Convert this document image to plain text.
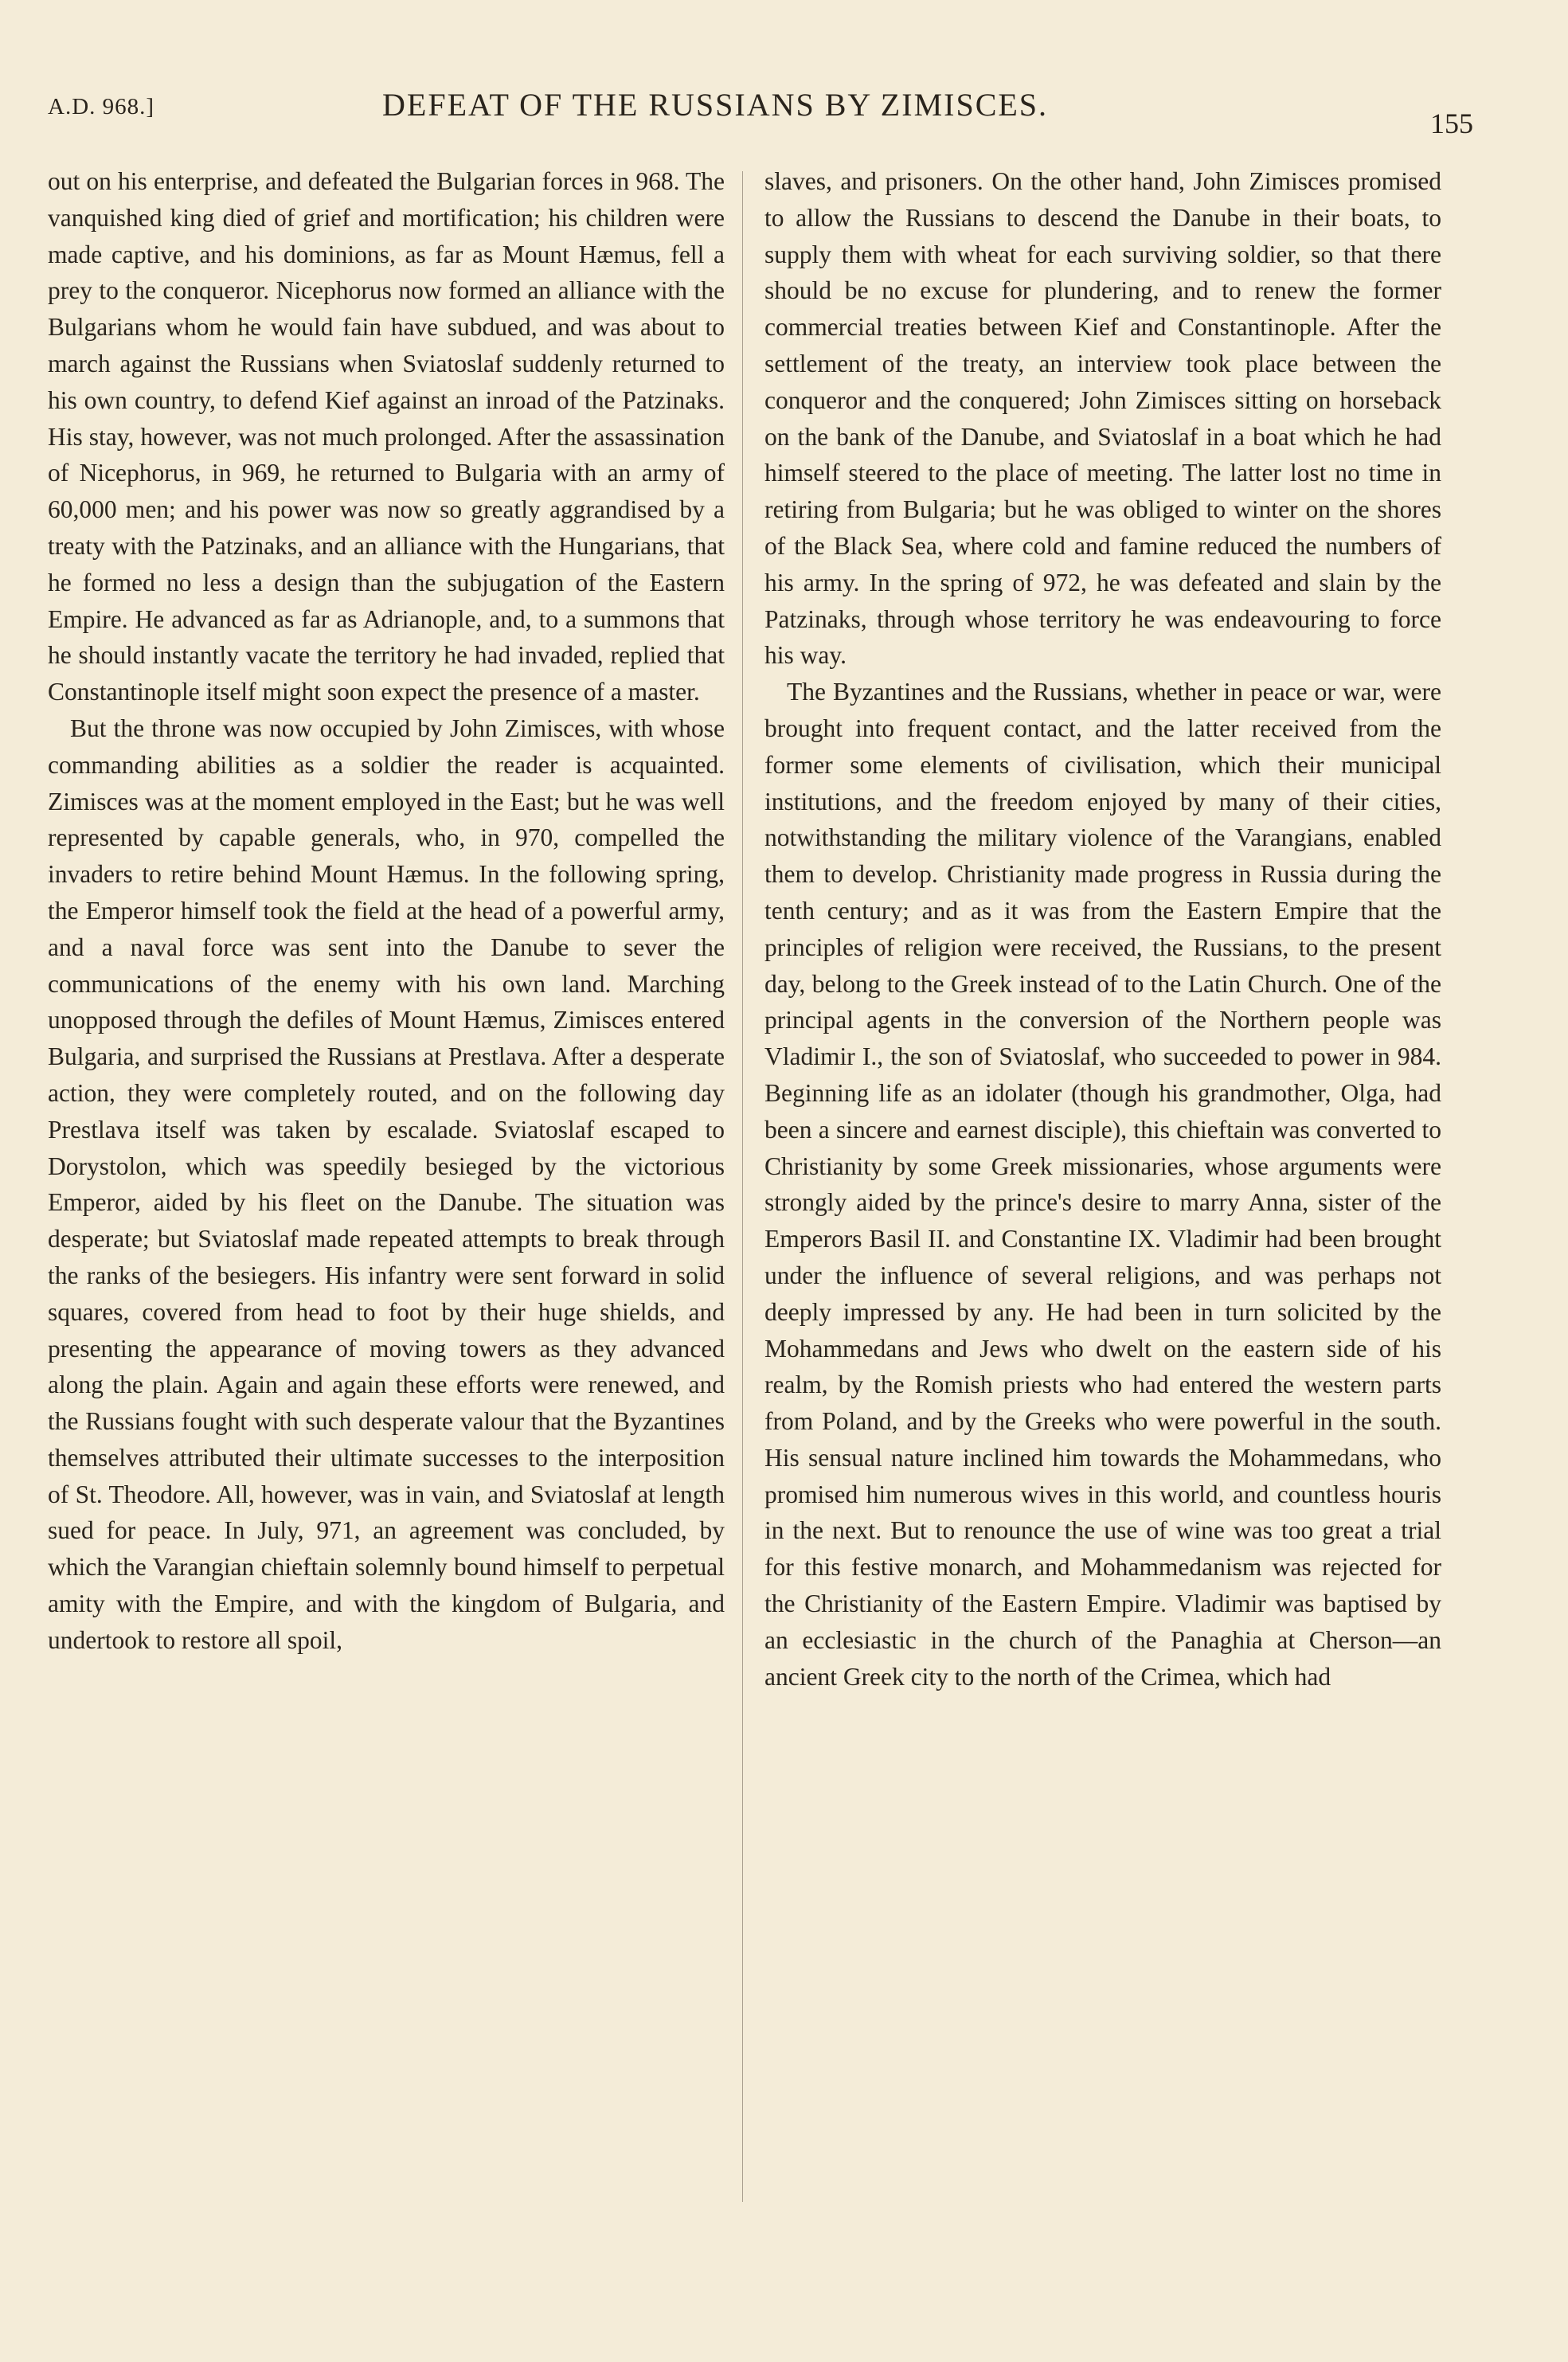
A.D. 968.]	DEFEAT OF THE RUSSIANS BY ZIMISCES.
155

out on his enterprise, and defeated the Bulgarian forces in 968. The vanquished king died of grief and mortification; his children were made captive, and his dominions, as far as Mount Hæmus, fell a prey to the conqueror. Nicephorus now formed an alliance with the Bulgarians whom he would fain have subdued, and was about to march against the Russians when Sviatoslaf suddenly returned to his own country, to defend Kief against an inroad of the Patzinaks. His stay, however, was not much prolonged. After the assassination of Nicephorus, in 969, he returned to Bulgaria with an army of 60,000 men; and his power was now so greatly aggrandised by a treaty with the Patzinaks, and an alliance with the Hungarians, that he formed no less a design than the subjugation of the Eastern Empire. He advanced as far as Adrianople, and, to a summons that he should instantly vacate the territory he had invaded, replied that Constantinople itself might soon expect the presence of a master.

But the throne was now occupied by John Zimisces, with whose commanding abilities as a soldier the reader is acquainted. Zimisces was at the moment employed in the East; but he was well represented by capable generals, who, in 970, compelled the invaders to retire behind Mount Hæmus. In the following spring, the Emperor himself took the field at the head of a powerful army, and a naval force was sent into the Danube to sever the communications of the enemy with his own land. Marching unopposed through the defiles of Mount Hæmus, Zimisces entered Bulgaria, and surprised the Russians at Prestlava. After a desperate action, they were completely routed, and on the following day Prestlava itself was taken by escalade. Sviatoslaf escaped to Dorystolon, which was speedily besieged by the victorious Emperor, aided by his fleet on the Danube. The situation was desperate; but Sviatoslaf made repeated attempts to break through the ranks of the besiegers. His infantry were sent forward in solid squares, covered from head to foot by their huge shields, and presenting the appearance of moving towers as they advanced along the plain. Again and again these efforts were renewed, and the Russians fought with such desperate valour that the Byzantines themselves attributed their ultimate successes to the interposition of St. Theodore. All, however, was in vain, and Sviatoslaf at length sued for peace. In July, 971, an agreement was concluded, by which the Varangian chieftain solemnly bound himself to perpetual amity with the Empire, and with the kingdom of Bulgaria, and undertook to restore all spoil,

slaves, and prisoners. On the other hand, John Zimisces promised to allow the Russians to descend the Danube in their boats, to supply them with wheat for each surviving soldier, so that there should be no excuse for plundering, and to renew the former commercial treaties between Kief and Constantinople. After the settlement of the treaty, an interview took place between the conqueror and the conquered; John Zimisces sitting on horseback on the bank of the Danube, and Sviatoslaf in a boat which he had himself steered to the place of meeting. The latter lost no time in retiring from Bulgaria; but he was obliged to winter on the shores of the Black Sea, where cold and famine reduced the numbers of his army. In the spring of 972, he was defeated and slain by the Patzinaks, through whose territory he was endeavouring to force his way.

The Byzantines and the Russians, whether in peace or war, were brought into frequent contact, and the latter received from the former some elements of civilisation, which their municipal institutions, and the freedom enjoyed by many of their cities, notwithstanding the military violence of the Varangians, enabled them to develop. Christianity made progress in Russia during the tenth century; and as it was from the Eastern Empire that the principles of religion were received, the Russians, to the present day, belong to the Greek instead of to the Latin Church. One of the principal agents in the conversion of the Northern people was Vladimir I., the son of Sviatoslaf, who succeeded to power in 984. Beginning life as an idolater (though his grandmother, Olga, had been a sincere and earnest disciple), this chieftain was converted to Christianity by some Greek missionaries, whose arguments were strongly aided by the prince's desire to marry Anna, sister of the Emperors Basil II. and Constantine IX. Vladimir had been brought under the influence of several religions, and was perhaps not deeply impressed by any. He had been in turn solicited by the Mohammedans and Jews who dwelt on the eastern side of his realm, by the Romish priests who had entered the western parts from Poland, and by the Greeks who were powerful in the south. His sensual nature inclined him towards the Mohammedans, who promised him numerous wives in this world, and countless houris in the next. But to renounce the use of wine was too great a trial for this festive monarch, and Mohammedanism was rejected for the Christianity of the Eastern Empire. Vladimir was baptised by an ecclesiastic in the church of the Panaghia at Cherson—an ancient Greek city to the north of the Crimea, which had
